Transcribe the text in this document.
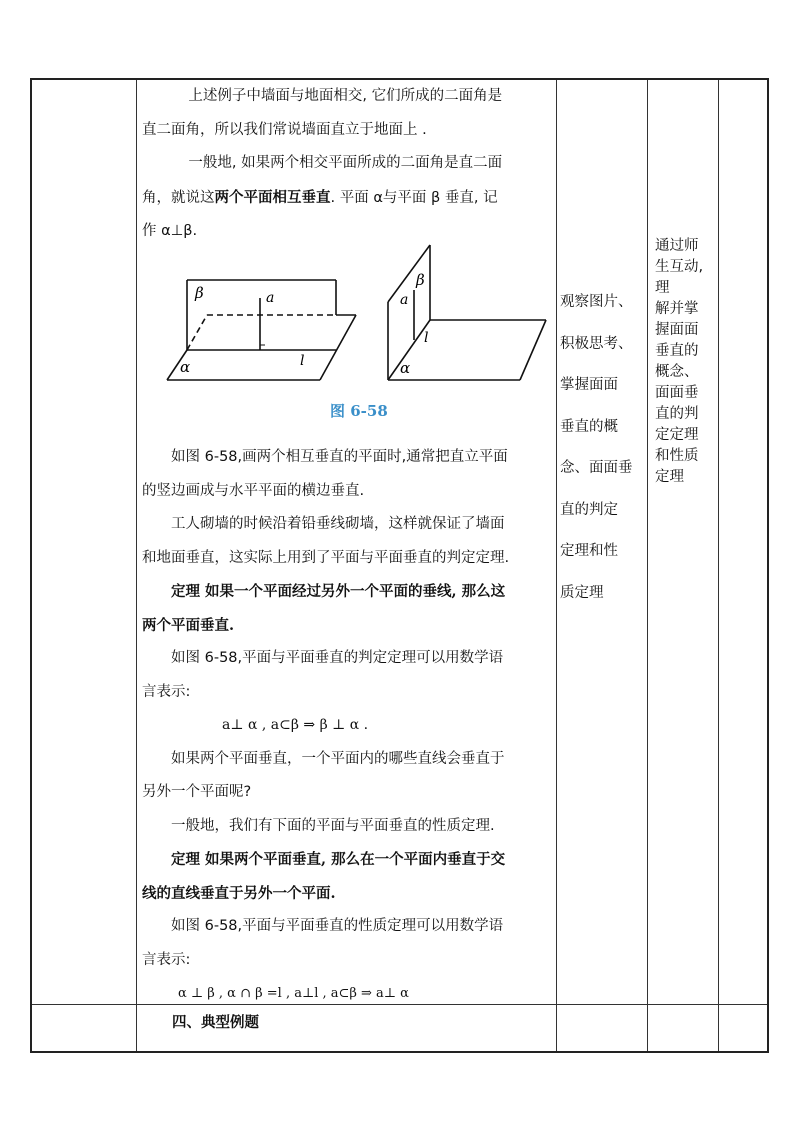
上述例子中墙面与地面相交, 它们所成的二面角是

直二面角，所以我们常说墙面直立于地面上 .

一般地, 如果两个相交平面所成的二面角是直二面

角，就说这两个平面相互垂直. 平面 α与平面 β 垂直, 记

作 α⊥β.

β	a
α	l
β
a
l
α
图 6-58

如图 6-58,画两个相互垂直的平面时,通常把直立平面

的竖边画成与水平平面的横边垂直.

工人砌墙的时候沿着铅垂线砌墙，这样就保证了墙面

和地面垂直，这实际上用到了平面与平面垂直的判定定理.

定理 如果一个平面经过另外一个平面的垂线, 那么这

两个平面垂直.

如图 6-58,平面与平面垂直的判定定理可以用数学语

言表示:

a⊥ α , a⊂β ⇒ β ⊥ α .

如果两个平面垂直，一个平面内的哪些直线会垂直于

另外一个平面呢?

一般地，我们有下面的平面与平面垂直的性质定理.

定理 如果两个平面垂直, 那么在一个平面内垂直于交

线的直线垂直于另外一个平面.

如图 6-58,平面与平面垂直的性质定理可以用数学语

言表示:

α ⊥ β , α ∩ β =l , a⊥l , a⊂β ⇒ a⊥ α

观察图片、
积极思考、
掌握面面
垂直的概
念、面面垂
直的判定
定理和性
质定理
通过师
生互动,
理
解并掌
握面面
垂直的
概念、
面面垂
直的判
定定理
和性质
定理
四、典型例题
